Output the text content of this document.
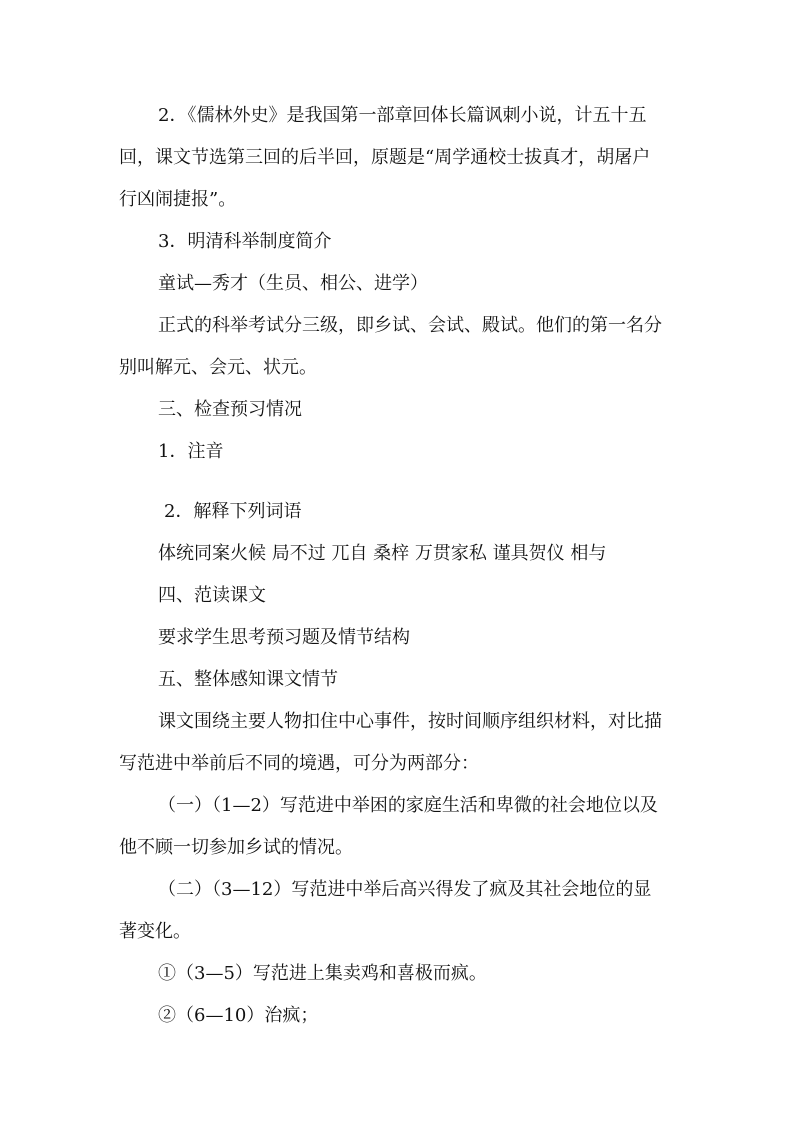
2．《儒林外史》是我国第一部章回体长篇讽刺小说，计五十五
回，课文节选第三回的后半回，原题是“周学通校士拔真才，胡屠户
行凶闹捷报”。
3．明清科举制度简介
童试—秀才（生员、相公、进学）
正式的科举考试分三级，即乡试、会试、殿试。他们的第一名分
别叫解元、会元、状元。
三、检查预习情况
1．注音
2．解释下列词语
体统同案火候 局不过 兀自 桑梓 万贯家私 谨具贺仪 相与
四、范读课文
要求学生思考预习题及情节结构
五、整体感知课文情节
课文围绕主要人物扣住中心事件，按时间顺序组织材料，对比描
写范进中举前后不同的境遇，可分为两部分：
（一）（1—2）写范进中举困的家庭生活和卑微的社会地位以及
他不顾一切参加乡试的情况。
（二）（3—12）写范进中举后高兴得发了疯及其社会地位的显
著变化。
①（3—5）写范进上集卖鸡和喜极而疯。
②（6—10）治疯；
